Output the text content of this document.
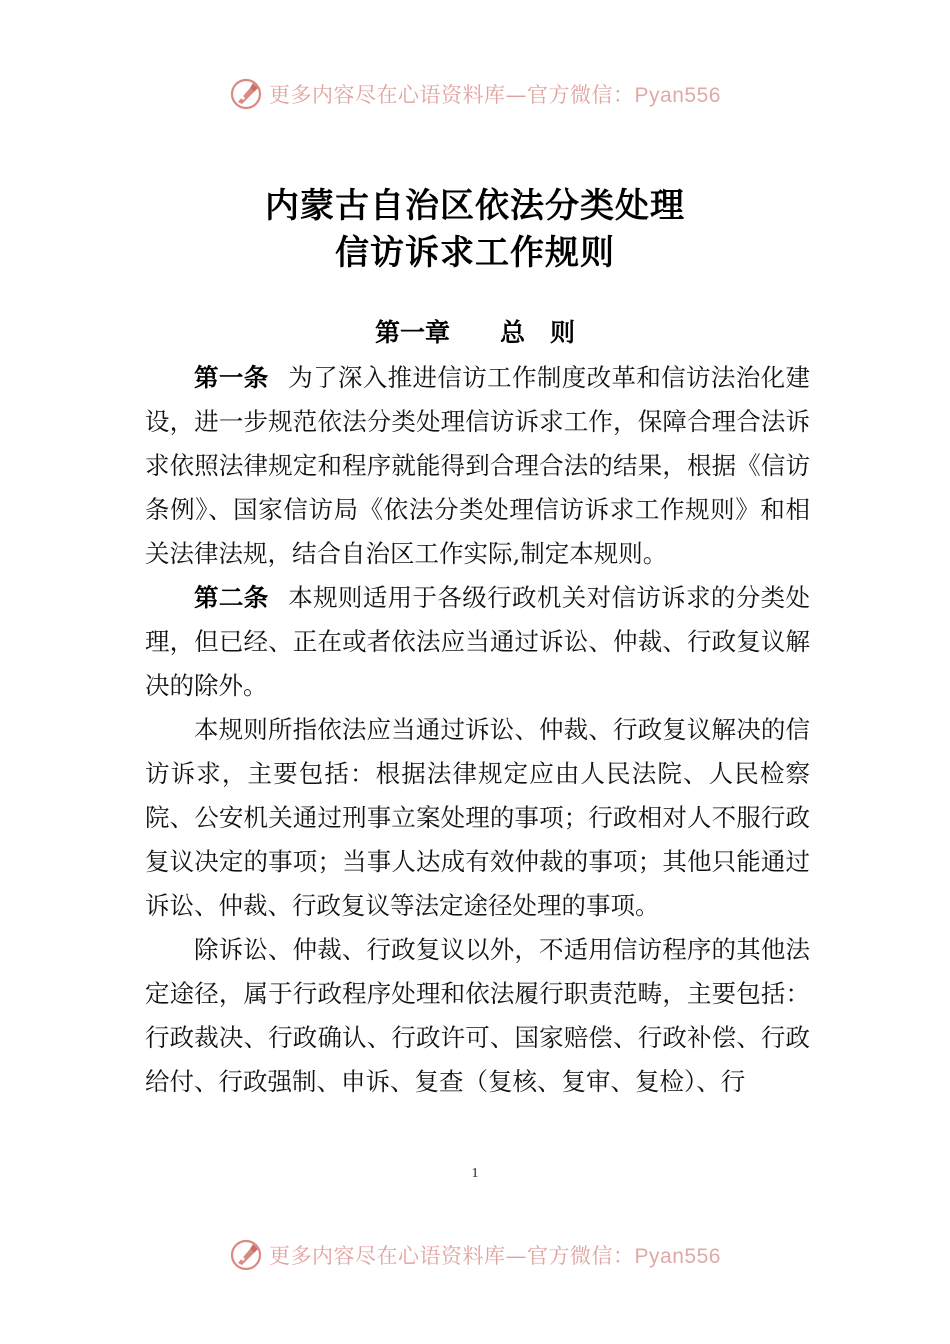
更多内容尽在心语资料库—官方微信：Pyan556
内蒙古自治区依法分类处理
信访诉求工作规则
第一章　　总　则

第一条 为了深入推进信访工作制度改革和信访法治化建设，进一步规范依法分类处理信访诉求工作，保障合理合法诉求依照法律规定和程序就能得到合理合法的结果，根据《信访条例》、国家信访局《依法分类处理信访诉求工作规则》和相关法律法规，结合自治区工作实际,制定本规则。

第二条 本规则适用于各级行政机关对信访诉求的分类处理，但已经、正在或者依法应当通过诉讼、仲裁、行政复议解决的除外。

本规则所指依法应当通过诉讼、仲裁、行政复议解决的信访诉求，主要包括：根据法律规定应由人民法院、人民检察院、公安机关通过刑事立案处理的事项；行政相对人不服行政复议决定的事项；当事人达成有效仲裁的事项；其他只能通过诉讼、仲裁、行政复议等法定途径处理的事项。

除诉讼、仲裁、行政复议以外，不适用信访程序的其他法定途径，属于行政程序处理和依法履行职责范畴，主要包括：行政裁决、行政确认、行政许可、国家赔偿、行政补偿、行政给付、行政强制、申诉、复查（复核、复审、复检）、行

1
更多内容尽在心语资料库—官方微信：Pyan556
